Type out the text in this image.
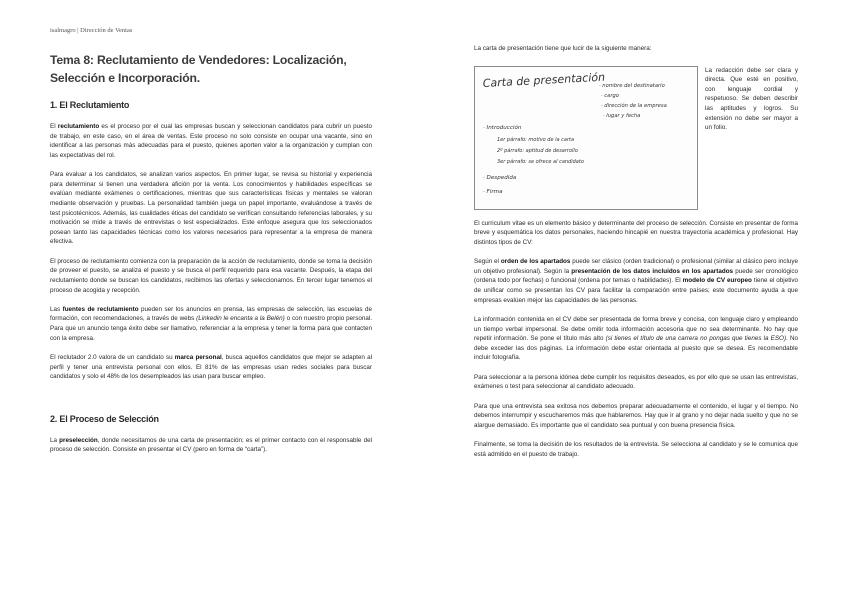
isalmagro | Dirección de Ventas
Tema 8: Reclutamiento de Vendedores: Localización, Selección e Incorporación.
1. El Reclutamiento

El reclutamiento es el proceso por el cual las empresas buscan y seleccionan candidatos para cubrir un puesto de trabajo, en este caso, en el área de ventas. Este proceso no solo consiste en ocupar una vacante, sino en identificar a las personas más adecuadas para el puesto, quienes aporten valor a la organización y cumplan con las expectativas del rol.

Para evaluar a los candidatos, se analizan varios aspectos. En primer lugar, se revisa su historial y experiencia para determinar si tienen una verdadera afición por la venta. Los conocimientos y habilidades específicas se evalúan mediante exámenes o certificaciones, mientras que sus características físicas y mentales se valoran mediante observación y pruebas. La personalidad también juega un papel importante, evaluándose a través de test psicotécnicos. Además, las cualidades éticas del candidato se verifican consultando referencias laborales, y su motivación se mide a través de entrevistas o test especializados. Este enfoque asegura que los seleccionados posean tanto las capacidades técnicas como los valores necesarios para representar a la empresa de manera efectiva.

El proceso de reclutamiento comienza con la preparación de la acción de reclutamiento, donde se toma la decisión de proveer el puesto, se analiza el puesto y se busca el perfil requerido para esa vacante. Después, la etapa del reclutamiento donde se buscan los candidatos, recibimos las ofertas y seleccionamos. En tercer lugar tenemos el proceso de acogida y recepción.

Las fuentes de reclutamiento pueden ser los anuncios en prensa, las empresas de selección, las escuelas de formación, con recomendaciones, a través de webs (Linkedin le encanta a la Belén) o con nuestro propio personal. Para que un anuncio tenga éxito debe ser llamativo, referenciar a la empresa y tener la forma para que contacten con la empresa.

El reclutador 2.0 valora de un candidato su marca personal, busca aquellos candidatos que mejor se adapten al perfil y tener una entrevista personal con ellos. El 81% de las empresas usan redes sociales para buscar candidatos y solo el 48% de los desempleados las usan para buscar empleo.

2. El Proceso de Selección

La preselección, donde necesitamos de una carta de presentación; es el primer contacto con el responsable del proceso de selección. Consiste en presentar el CV (pero en forma de “carta”).

La carta de presentación tiene que lucir de la siguiente manera:

Carta de presentación
· nombre del destinatario
· cargo
· dirección de la empresa
· lugar y fecha
· Introducción
1er párrafo: motivo de la carta
2º párrafo: aptitud de desarrollo
3er párrafo: se ofrece al candidato
· Despedida
· Firma

La redacción debe ser clara y directa. Que esté en positivo, con lenguaje cordial y respetuoso. Se deben describir las aptitudes y logros. Su extensión no debe ser mayor a un folio.

El curriculum vitae es un elemento básico y determinante del proceso de selección. Consiste en presentar de forma breve y esquemática los datos personales, haciendo hincapié en nuestra trayectoria académica y profesional. Hay distintos tipos de CV:

Según el orden de los apartados puede ser clásico (orden tradicional) o profesional (similar al clásico pero incluye un objetivo profesional). Según la presentación de los datos incluidos en los apartados puede ser cronológico (ordena todo por fechas) o funcional (ordena por temas o habilidades). El modelo de CV europeo tiene el objetivo de unificar como se presentan los CV para facilitar la comparación entre países; este documento ayuda a que empresas evalúen mejor las capacidades de las personas.

La información contenida en el CV debe ser presentada de forma breve y concisa, con lenguaje claro y empleando un tiempo verbal impersonal. Se debe omitir toda información accesoria que no sea determinante. No hay que repetir información. Se pone el título más alto (si tienes el título de una carrera no pongas que tienes la ESO). No debe exceder las dos páginas. La información debe estar orientada al puesto que se desea. Es recomendable incluir fotografía.

Para seleccionar a la persona idónea debe cumplir los requisitos deseados, es por ello que se usan las entrevistas, exámenes o test para seleccionar al candidato adecuado.

Para que una entrevista sea exitosa nos debemos preparar adecuadamente el contenido, el lugar y el tiempo. No debemos interrumpir y escucharemos más que hablaremos. Hay que ir al grano y no dejar nada suelto y que no se alargue demasiado. Es importante que el candidato sea puntual y con buena presencia física.

Finalmente, se toma la decisión de los resultados de la entrevista. Se selecciona al candidato y se le comunica que está admitido en el puesto de trabajo.
